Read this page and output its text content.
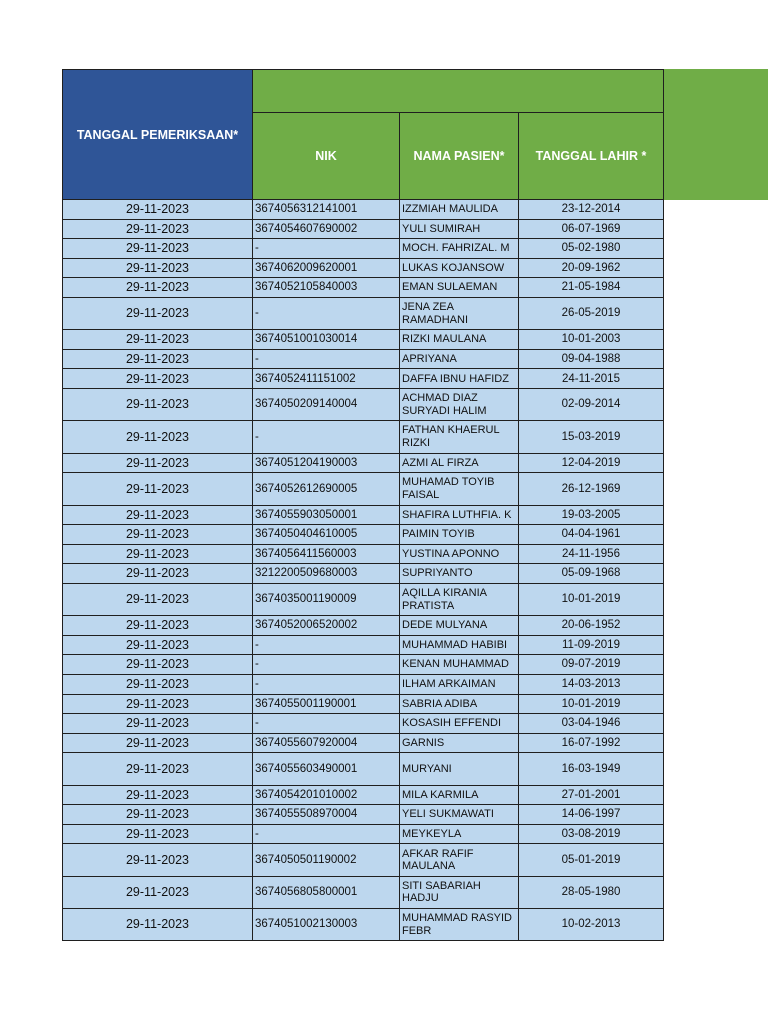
TANGGAL PEMERIKSAAN*			
	NIK	NAMA PASIEN*	TANGGAL LAHIR *
29-11-2023	3674056312141001	IZZMIAH MAULIDA	23-12-2014
29-11-2023	3674054607690002	YULI SUMIRAH	06-07-1969
29-11-2023	-	MOCH. FAHRIZAL. M	05-02-1980
29-11-2023	3674062009620001	LUKAS KOJANSOW	20-09-1962
29-11-2023	3674052105840003	EMAN SULAEMAN	21-05-1984
29-11-2023	-	JENA ZEA RAMADHANI	26-05-2019
29-11-2023	3674051001030014	RIZKI MAULANA	10-01-2003
29-11-2023	-	APRIYANA	09-04-1988
29-11-2023	3674052411151002	DAFFA IBNU HAFIDZ	24-11-2015
29-11-2023	3674050209140004	ACHMAD DIAZ SURYADI HALIM	02-09-2014
29-11-2023	-	FATHAN KHAERUL RIZKI	15-03-2019
29-11-2023	3674051204190003	AZMI AL FIRZA	12-04-2019
29-11-2023	3674052612690005	MUHAMAD TOYIB FAISAL	26-12-1969
29-11-2023	3674055903050001	SHAFIRA LUTHFIA. K	19-03-2005
29-11-2023	3674050404610005	PAIMIN TOYIB	04-04-1961
29-11-2023	3674056411560003	YUSTINA APONNO	24-11-1956
29-11-2023	3212200509680003	SUPRIYANTO	05-09-1968
29-11-2023	3674035001190009	AQILLA KIRANIA PRATISTA	10-01-2019
29-11-2023	3674052006520002	DEDE MULYANA	20-06-1952
29-11-2023	-	MUHAMMAD HABIBI	11-09-2019
29-11-2023	-	KENAN MUHAMMAD	09-07-2019
29-11-2023	-	ILHAM ARKAIMAN	14-03-2013
29-11-2023	3674055001190001	SABRIA ADIBA	10-01-2019
29-11-2023	-	KOSASIH EFFENDI	03-04-1946
29-11-2023	3674055607920004	GARNIS	16-07-1992
29-11-2023	3674055603490001	MURYANI	16-03-1949
29-11-2023	3674054201010002	MILA KARMILA	27-01-2001
29-11-2023	3674055508970004	YELI SUKMAWATI	14-06-1997
29-11-2023	-	MEYKEYLA	03-08-2019
29-11-2023	3674050501190002	AFKAR RAFIF MAULANA	05-01-2019
29-11-2023	3674056805800001	SITI SABARIAH HADJU	28-05-1980
29-11-2023	3674051002130003	MUHAMMAD RASYID FEBR	10-02-2013
